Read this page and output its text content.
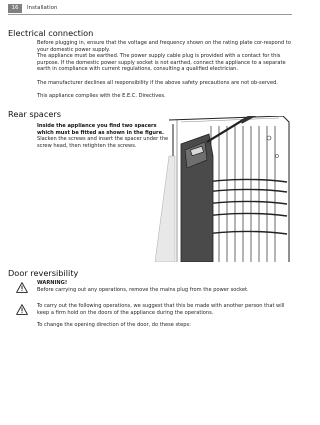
16	Installation
Electrical connection

Before plugging in, ensure that the voltage and frequency shown on the rating plate cor-respond to your domestic power supply.

The appliance must be earthed. The power supply cable plug is provided with a contact for this purpose. If the domestic power supply socket is not earthed, connect the appliance to a separate earth in compliance with current regulations, consulting a qualified electrician.

The manufacturer declines all responsibility if the above safety precautions are not ob-served.

This appliance complies with the E.E.C. Directives.

Rear spacers
Inside the appliance you find two spacers which must be fitted as shown in the figure.
Slacken the screws and insert the spacer under the screw head, then retighten the screws.
Door reversibility

WARNING!

Before carrying out any operations, remove the mains plug from the power socket.

To carry out the following operations, we suggest that this be made with another person that will keep a firm hold on the doors of the appliance during the operations.

To change the opening direction of the door, do these steps:
